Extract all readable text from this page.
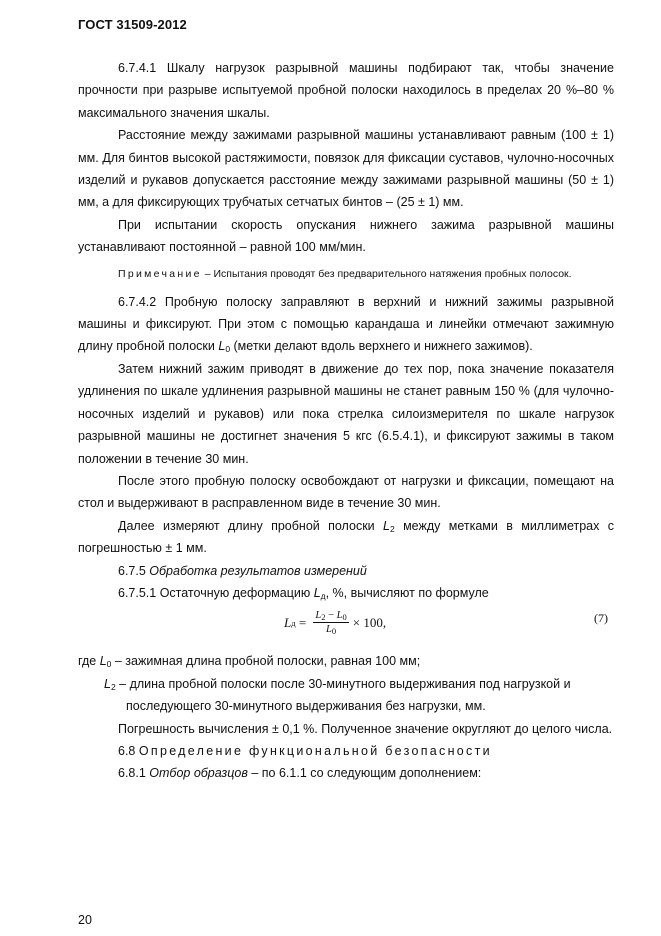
ГОСТ 31509-2012

6.7.4.1 Шкалу нагрузок разрывной машины подбирают так, чтобы значение прочности при разрыве испытуемой пробной полоски находилось в пределах 20 %–80 % максимального значения шкалы.

Расстояние между зажимами разрывной машины устанавливают равным (100 ± 1) мм. Для бинтов высокой растяжимости, повязок для фиксации суставов, чулочно-носочных изделий и рукавов допускается расстояние между зажимами разрывной машины (50 ± 1) мм, а для фиксирующих трубчатых сетчатых бинтов – (25 ± 1) мм.

При испытании скорость опускания нижнего зажима разрывной машины устанавливают постоянной – равной 100 мм/мин.

Примечание – Испытания проводят без предварительного натяжения пробных полосок.

6.7.4.2 Пробную полоску заправляют в верхний и нижний зажимы разрывной машины и фиксируют. При этом с помощью карандаша и линейки отмечают зажимную длину пробной полоски $L_0$ (метки делают вдоль верхнего и нижнего зажимов).

Затем нижний зажим приводят в движение до тех пор, пока значение показателя удлинения по шкале удлинения разрывной машины не станет равным 150 % (для чулочно-носочных изделий и рукавов) или пока стрелка силоизмерителя по шкале нагрузок разрывной машины не достигнет значения 5 кгс (6.5.4.1), и фиксируют зажимы в таком положении в течение 30 мин.

После этого пробную полоску освобождают от нагрузки и фиксации, помещают на стол и выдерживают в расправленном виде в течение 30 мин.

Далее измеряют длину пробной полоски $L_2$ между метками в миллиметрах с погрешностью ± 1 мм.

6.7.5 Обработка результатов измерений

6.7.5.1 Остаточную деформацию $L_д$, %, вычисляют по формуле

L $д = \frac{L_2 - L_0}{L_0} \times 100$,	(7)
где $L_0$ – зажимная длина пробной полоски, равная 100 мм;
$L_2$ – длина пробной полоски после 30-минутного выдерживания под нагрузкой и
последующего 30-минутного выдерживания без нагрузки, мм.

Погрешность вычисления ± 0,1 %. Полученное значение округляют до целого числа.

6.8 Определение функциональной безопасности

6.8.1 Отбор образцов – по 6.1.1 со следующим дополнением:

20
